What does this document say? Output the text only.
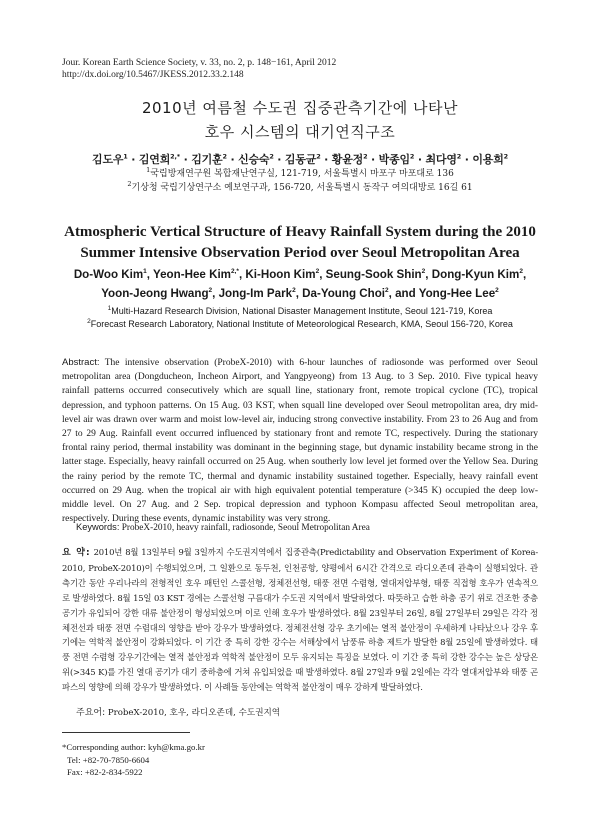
Jour. Korean Earth Science Society, v. 33, no. 2, p. 148−161, April 2012
http://dx.doi.org/10.5467/JKESS.2012.33.2.148
2010년 여름철 수도권 집중관측기간에 나타난
호우 시스템의 대기연직구조
김도우$^1$ · 김연희$^{2,*}$ · 김기훈$^2$ · 신승숙$^2$ · 김동균$^2$ · 황윤정$^2$ · 박종임$^2$ · 최다영$^2$ · 이용희$^2$
$^1$국립방재연구원 복합재난연구실, 121-719, 서울특별시 마포구 마포대로 136
$^2$기상청 국립기상연구소 예보연구과, 156-720, 서울특별시 동작구 여의대방로 16길 61
Atmospheric Vertical Structure of Heavy Rainfall System during the 2010
Summer Intensive Observation Period over Seoul Metropolitan Area
Do-Woo Kim$^1$, Yeon-Hee Kim$^{2,*}$, Ki-Hoon Kim$^2$, Seung-Sook Shin$^2$, Dong-Kyun Kim$^2$,
Yoon-Jeong Hwang$^2$, Jong-Im Park$^2$, Da-Young Choi$^2$, and Yong-Hee Lee$^2$
$^1$Multi-Hazard Research Division, National Disaster Management Institute, Seoul 121-719, Korea
$^2$Forecast Research Laboratory, National Institute of Meteorological Research, KMA, Seoul 156-720, Korea
Abstract: The intensive observation (ProbeX-2010) with 6-hour launches of radiosonde was performed over Seoul metropolitan area (Dongducheon, Incheon Airport, and Yangpyeong) from 13 Aug. to 3 Sep. 2010. Five typical heavy rainfall patterns occurred consecutively which are squall line, stationary front, remote tropical cyclone (TC), tropical depression, and typhoon patterns. On 15 Aug. 03 KST, when squall line developed over Seoul metropolitan area, dry mid-level air was drawn over warm and moist low-level air, inducing strong convective instability. From 23 to 26 Aug and from 27 to 29 Aug. Rainfall event occurred influenced by stationary front and remote TC, respectively. During the stationary frontal rainy period, thermal instability was dominant in the beginning stage, but dynamic instability became strong in the latter stage. Especially, heavy rainfall occurred on 25 Aug. when southerly low level jet formed over the Yellow Sea. During the rainy period by the remote TC, thermal and dynamic instability sustained together. Especially, heavy rainfall event occurred on 29 Aug. when the tropical air with high equivalent potential temperature (>345 K) occupied the deep low-middle level. On 27 Aug. and 2 Sep. tropical depression and typhoon Kompasu affected Seoul metropolitan area, respectively. During these events, dynamic instability was very strong.
Keywords: ProbeX-2010, heavy rainfall, radiosonde, Seoul Metropolitan Area
요 약: 2010년 8월 13일부터 9월 3일까지 수도권지역에서 집중관측(Predictability and Observation Experiment of Korea-2010, ProbeX-2010)이 수행되었으며, 그 일환으로 동두천, 인천공항, 양평에서 6시간 간격으로 라디오존데 관측이 실행되었다. 관측기간 동안 우리나라의 전형적인 호우 패턴인 스콜선형, 정체전선형, 태풍 전면 수렴형, 열대저압부형, 태풍 직접형 호우가 연속적으로 발생하였다. 8월 15일 03 KST 경에는 스콜선형 구름대가 수도권 지역에서 발달하였다. 따뜻하고 습한 하층 공기 위로 건조한 중층 공기가 유입되어 강한 대류 불안정이 형성되었으며 이로 인해 호우가 발생하였다. 8월 23일부터 26일, 8월 27일부터 29일은 각각 정체전선과 태풍 전면 수렴대의 영향을 받아 강우가 발생하였다. 정체전선형 강우 초기에는 열적 불안정이 우세하게 나타났으나 강우 후기에는 역학적 불안정이 강화되었다. 이 기간 중 특히 강한 강수는 서해상에서 남풍류 하층 제트가 발달한 8월 25일에 발생하였다. 태풍 전면 수렴형 강우기간에는 열적 불안정과 역학적 불안정이 모두 유지되는 특징을 보였다. 이 기간 중 특히 강한 강수는 높은 상당온위(>345 K)를 가진 열대 공기가 대기 중하층에 거쳐 유입되었을 때 발생하였다. 8월 27일과 9월 2일에는 각각 열대저압부와 태풍 곤파스의 영향에 의해 강우가 발생하였다. 이 사례들 동안에는 역학적 불안정이 매우 강하게 발달하였다.
주요어: ProbeX-2010, 호우, 라디오존데, 수도권지역
*Corresponding author: kyh@kma.go.kr
Tel: +82-70-7850-6604
Fax: +82-2-834-5922
